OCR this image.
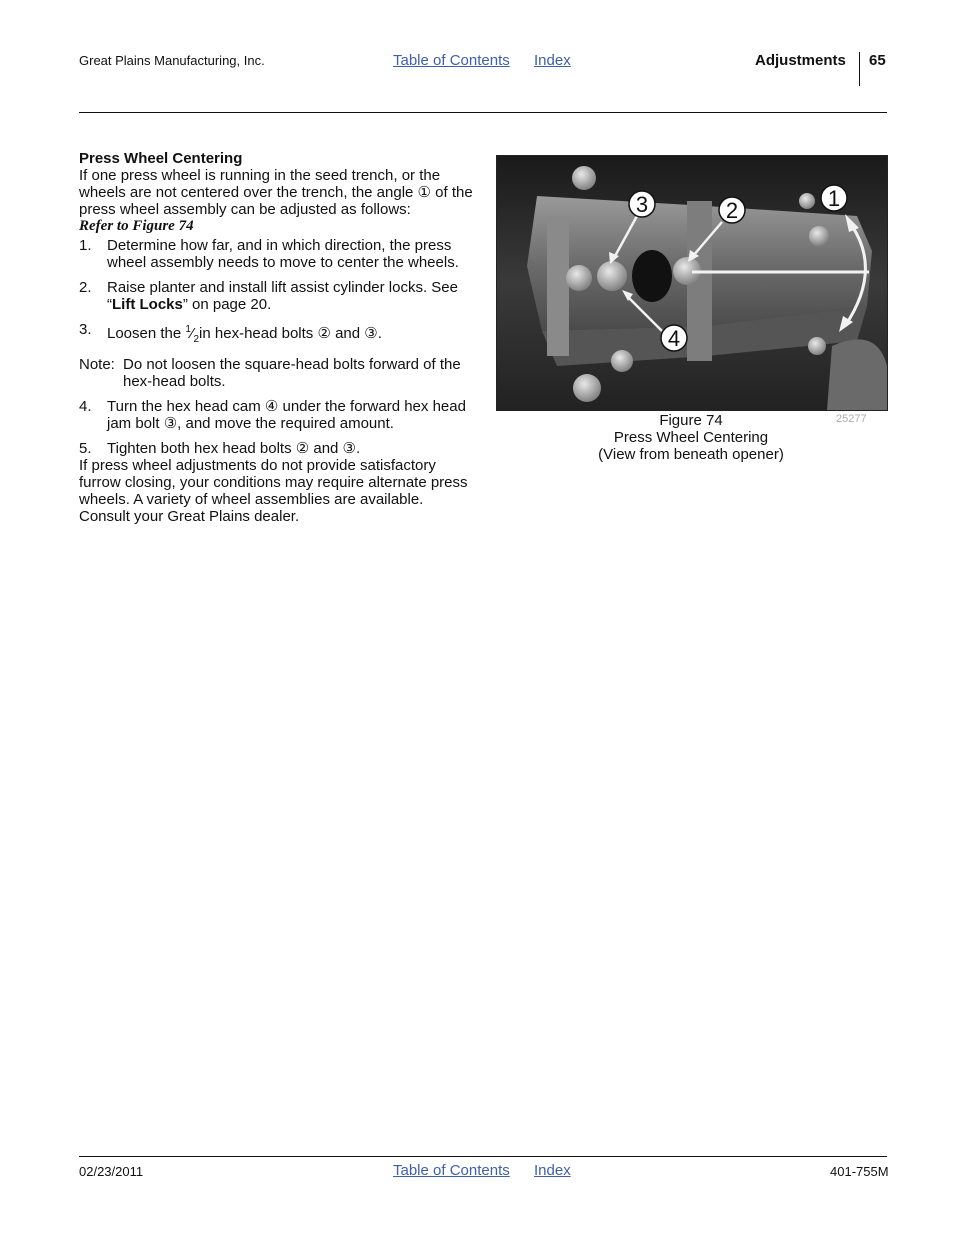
Great Plains Manufacturing, Inc.	Table of Contents Index	Adjustments 65

Press Wheel Centering

If one press wheel is running in the seed trench, or the wheels are not centered over the trench, the angle ① of the press wheel assembly can be adjusted as follows:

Refer to Figure 74

1. Determine how far, and in which direction, the press wheel assembly needs to move to center the wheels.
2. Raise planter and install lift assist cylinder locks. See “Lift Locks” on page 20.
3. Loosen the $^1⁄_2in$ hex-head bolts ② and ③.
Note: Do not loosen the square-head bolts forward of the hex-head bolts.
4. Turn the hex head cam ④ under the forward hex head jam bolt ③, and move the required amount.
5. Tighten both hex head bolts ② and ③.

If press wheel adjustments do not provide satisfactory furrow closing, your conditions may require alternate press wheels. A variety of wheel assemblies are available. Consult your Great Plains dealer.

3	2	1
4
25277
Figure 74
Press Wheel Centering
(View from beneath opener)
02/23/2011	Table of Contents Index	401-755M
